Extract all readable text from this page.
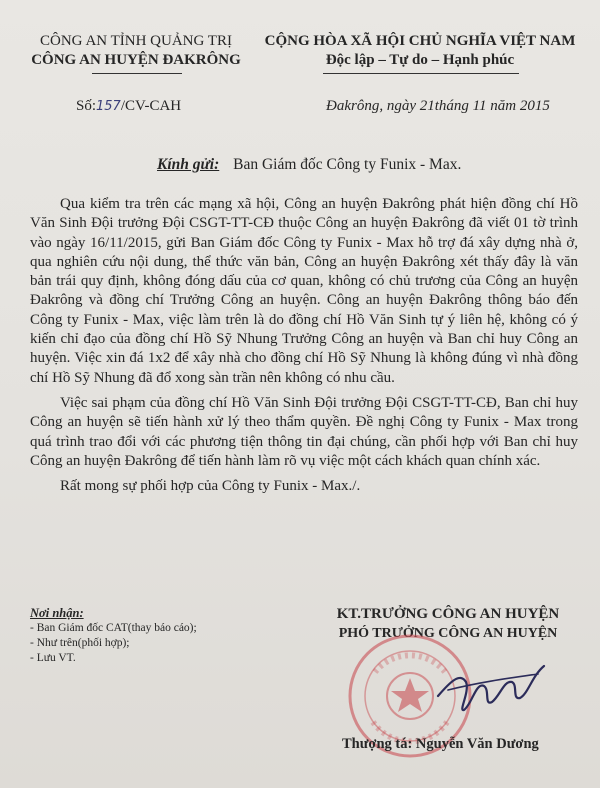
CÔNG AN TỈNH QUẢNG TRỊ
CÔNG AN HUYỆN ĐAKRÔNG
CỘNG HÒA XÃ HỘI CHỦ NGHĨA VIỆT NAM
Độc lập – Tự do – Hạnh phúc
Số:157/CV-CAH	Đakrông, ngày 21tháng 11 năm 2015
Kính gửi: Ban Giám đốc Công ty Funix - Max.

Qua kiểm tra trên các mạng xã hội, Công an huyện Đakrông phát hiện đồng chí Hồ Văn Sinh Đội trưởng Đội CSGT-TT-CĐ thuộc Công an huyện Đakrông đã viết 01 tờ trình vào ngày 16/11/2015, gửi Ban Giám đốc Công ty Funix - Max hỗ trợ đá xây dựng nhà ở, qua nghiên cứu nội dung, thể thức văn bản, Công an huyện Đakrông xét thấy đây là văn bản trái quy định, không đóng dấu của cơ quan, không có chủ trương của Công an huyện Đakrông và đồng chí Trưởng Công an huyện. Công an huyện Đakrông thông báo đến Công ty Funix - Max, việc làm trên là do đồng chí Hồ Văn Sinh tự ý liên hệ, không có ý kiến chỉ đạo của đồng chí Hồ Sỹ Nhung Trưởng Công an huyện và Ban chỉ huy Công an huyện. Việc xin đá 1x2 để xây nhà cho đồng chí Hồ Sỹ Nhung là không đúng vì nhà đồng chí Hồ Sỹ Nhung đã đổ xong sàn trần nên không có nhu cầu.

Việc sai phạm của đồng chí Hồ Văn Sinh Đội trưởng Đội CSGT-TT-CĐ, Ban chỉ huy Công an huyện sẽ tiến hành xử lý theo thẩm quyền. Đề nghị Công ty Funix - Max trong quá trình trao đổi với các phương tiện thông tin đại chúng, cần phối hợp với Ban chỉ huy Công an huyện Đakrông để tiến hành làm rõ vụ việc một cách khách quan chính xác.

Rất mong sự phối hợp của Công ty Funix - Max./.

Nơi nhận:
- Ban Giám đốc CAT(thay báo cáo);
- Như trên(phối hợp);
- Lưu VT.
KT.TRƯỞNG CÔNG AN HUYỆN
PHÓ TRƯỞNG CÔNG AN HUYỆN
Thượng tá: Nguyễn Văn Dương
